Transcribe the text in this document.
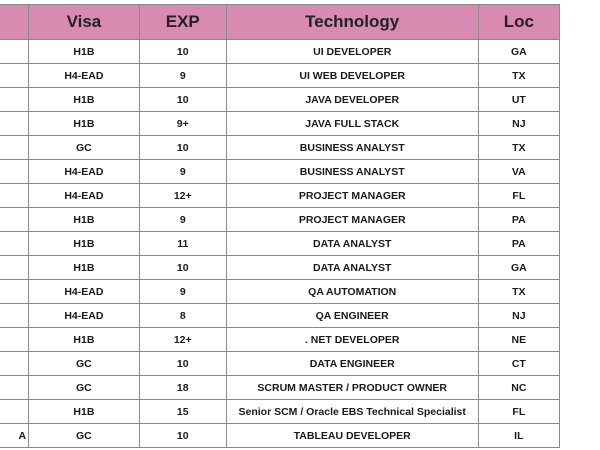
	Visa	EXP	Technology	Loc
	H1B	10	UI DEVELOPER	GA
	H4-EAD	9	UI WEB DEVELOPER	TX
	H1B	10	JAVA DEVELOPER	UT
	H1B	9+	JAVA FULL STACK	NJ
	GC	10	BUSINESS ANALYST	TX
	H4-EAD	9	BUSINESS ANALYST	VA
	H4-EAD	12+	PROJECT MANAGER	FL
	H1B	9	PROJECT MANAGER	PA
	H1B	11	DATA ANALYST	PA
	H1B	10	DATA ANALYST	GA
	H4-EAD	9	QA AUTOMATION	TX
	H4-EAD	8	QA ENGINEER	NJ
	H1B	12+	. NET DEVELOPER	NE
	GC	10	DATA ENGINEER	CT
	GC	18	SCRUM MASTER / PRODUCT OWNER	NC
	H1B	15	Senior SCM / Oracle EBS Technical Specialist	FL
A	GC	10	TABLEAU DEVELOPER	IL
